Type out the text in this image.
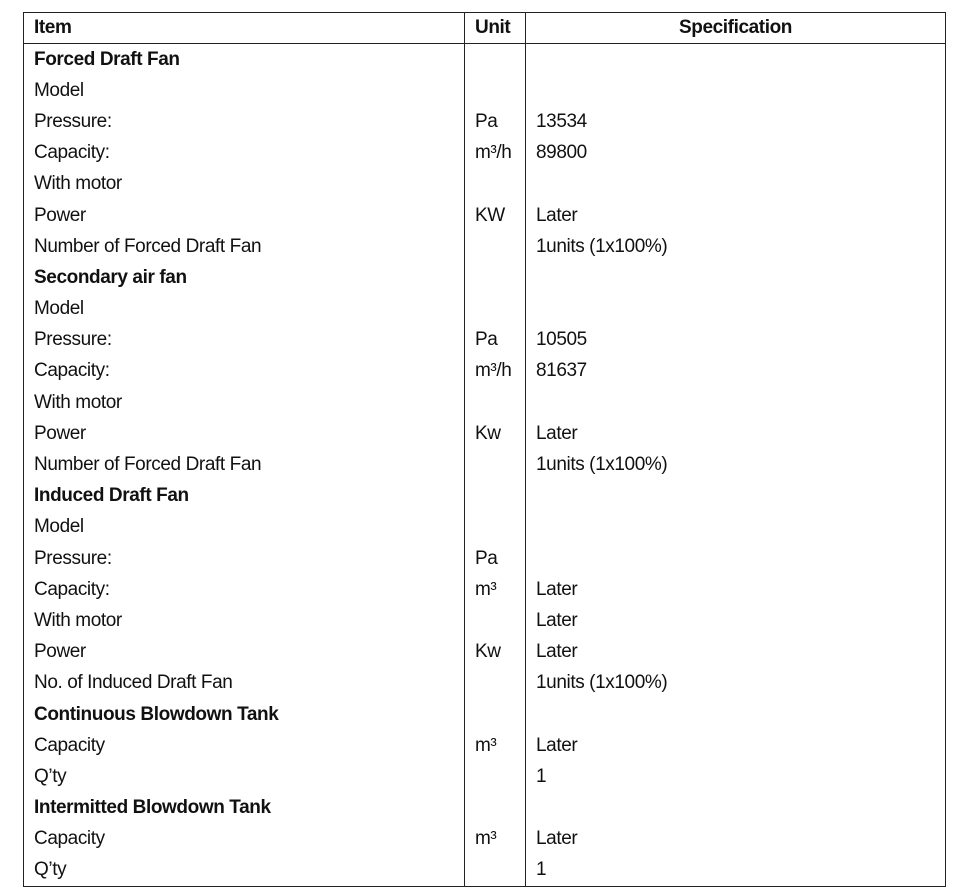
Item	Unit	Specification
Forced Draft Fan		
Model		
Pressure:	Pa	13534
Capacity:	m³/h	89800
With motor		
Power	KW	Later
Number of Forced Draft Fan		1units (1x100%)
Secondary air fan		
Model		
Pressure:	Pa	10505
Capacity:	m³/h	81637
With motor		
Power	Kw	Later
Number of Forced Draft Fan		1units (1x100%)
Induced Draft Fan		
Model		
Pressure:	Pa	
Capacity:	m³	Later
With motor		Later
Power	Kw	Later
No. of Induced Draft Fan		1units (1x100%)
Continuous Blowdown Tank		
Capacity	m³	Later
Q’ty		1
Intermitted Blowdown Tank		
Capacity	m³	Later
Q’ty		1
